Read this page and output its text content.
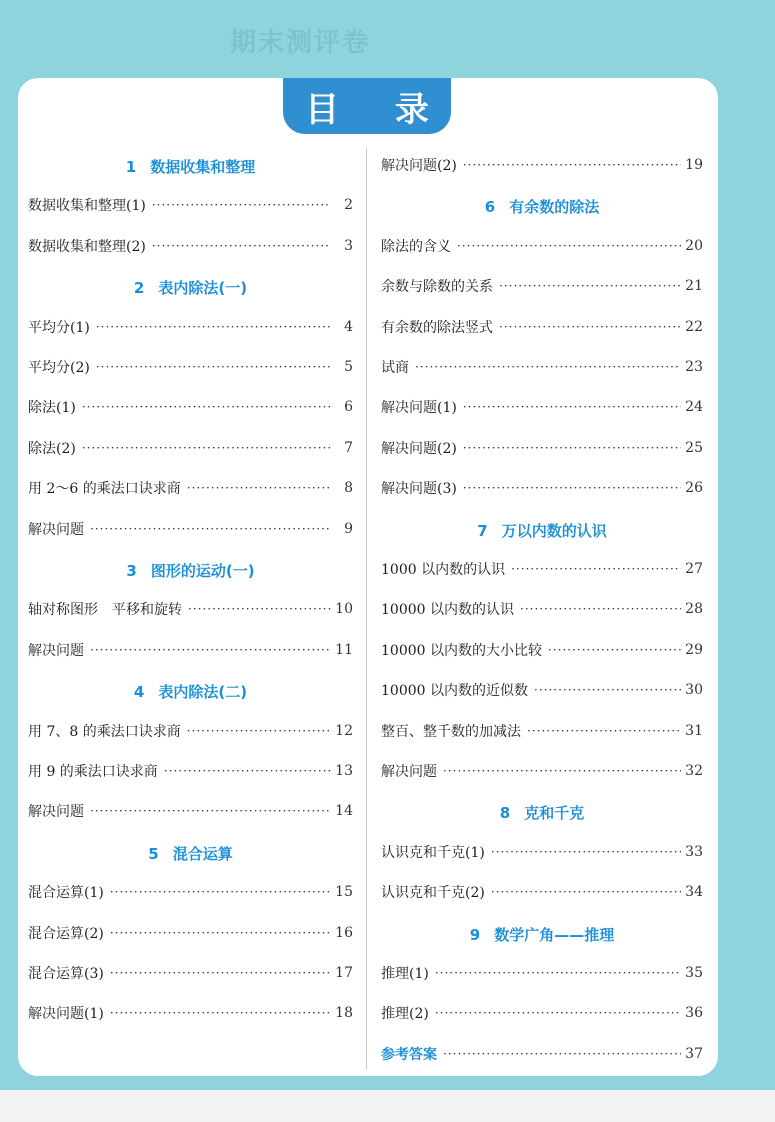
期末测评卷
目 录
1 数据收集和整理
数据收集和整理(1) ·····	2
数据收集和整理(2) ·····	3
2 表内除法(一)
平均分(1) ·····	4
平均分(2) ·····	5
除法(1) ·····	6
除法(2) ·····	7
用 2～6 的乘法口诀求商 ·····	8
解决问题 ·····	9
3 图形的运动(一)
轴对称图形　平移和旋转 ·····	10
解决问题 ·····	11
4 表内除法(二)
用 7、8 的乘法口诀求商 ·····	12
用 9 的乘法口诀求商 ·····	13
解决问题 ·····	14
5 混合运算
混合运算(1) ·····	15
混合运算(2) ·····	16
混合运算(3) ·····	17
解决问题(1) ·····	18
解决问题(2) ·····	19
6 有余数的除法
除法的含义 ·····	20
余数与除数的关系 ·····	21
有余数的除法竖式 ·····	22
试商 ·····	23
解决问题(1) ·····	24
解决问题(2) ·····	25
解决问题(3) ·····	26
7 万以内数的认识
1000 以内数的认识 ·····	27
10000 以内数的认识 ·····	28
10000 以内数的大小比较 ·····	29
10000 以内数的近似数 ·····	30
整百、整千数的加减法 ·····	31
解决问题 ·····	32
8 克和千克
认识克和千克(1) ·····	33
认识克和千克(2) ·····	34
9 数学广角——推理
推理(1) ·····	35
推理(2) ·····	36
参考答案 ·····	37
